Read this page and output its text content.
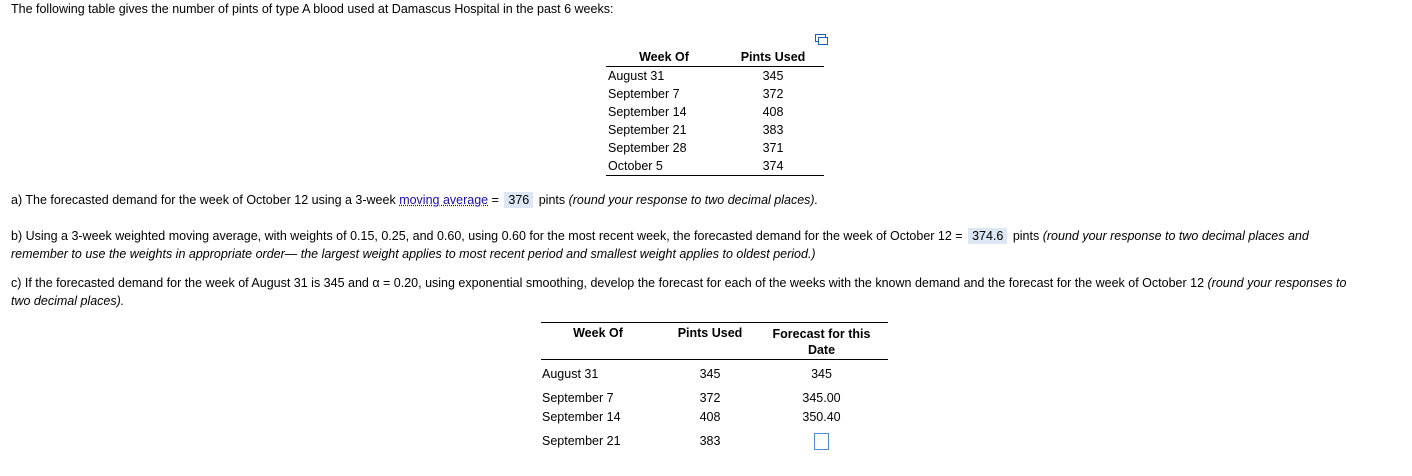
The following table gives the number of pints of type A blood used at Damascus Hospital in the past 6 weeks:
Week Of	Pints Used
August 31	345
September 7	372
September 14	408
September 21	383
September 28	371
October 5	374
a) The forecasted demand for the week of October 12 using a 3-week moving average = 376 pints (round your response to two decimal places).
b) Using a 3-week weighted moving average, with weights of 0.15, 0.25, and 0.60, using 0.60 for the most recent week, the forecasted demand for the week of October 12 = 374.6 pints (round your response to two decimal places and
remember to use the weights in appropriate order— the largest weight applies to most recent period and smallest weight applies to oldest period.)
c) If the forecasted demand for the week of August 31 is 345 and α = 0.20, using exponential smoothing, develop the forecast for each of the weeks with the known demand and the forecast for the week of October 12 (round your responses to
two decimal places).
Week Of	Pints Used	Forecast for this
Date
August 31	345	345
September 7	372	345.00
September 14	408	350.40
September 21	383
